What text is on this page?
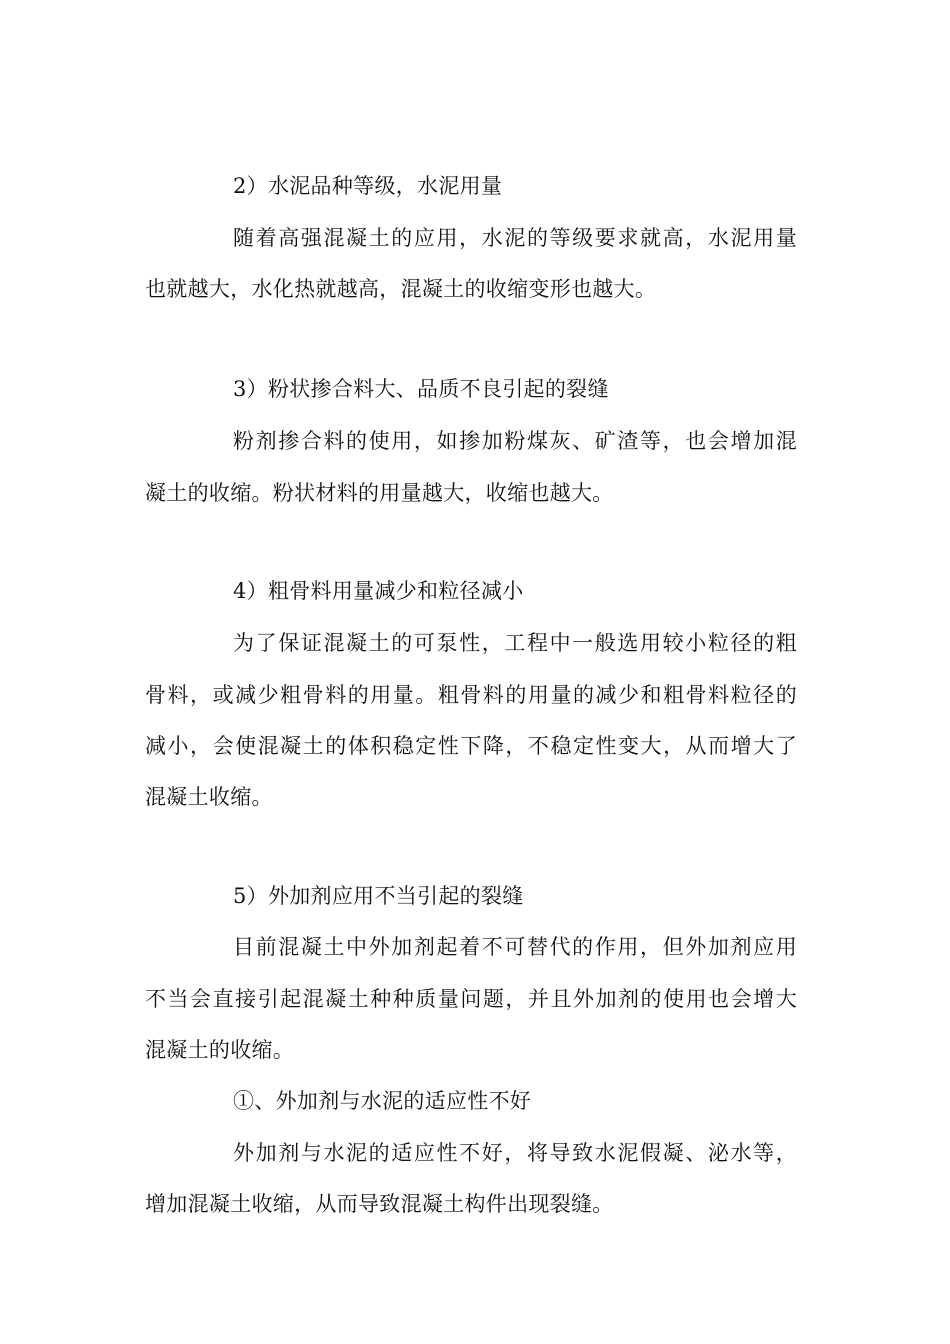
2）水泥品种等级，水泥用量
随着高强混凝土的应用，水泥的等级要求就高，水泥用量
也就越大，水化热就越高，混凝土的收缩变形也越大。
3）粉状掺合料大、品质不良引起的裂缝
粉剂掺合料的使用，如掺加粉煤灰、矿渣等，也会增加混
凝土的收缩。粉状材料的用量越大，收缩也越大。
4）粗骨料用量减少和粒径减小
为了保证混凝土的可泵性，工程中一般选用较小粒径的粗
骨料，或减少粗骨料的用量。粗骨料的用量的减少和粗骨料粒径的
减小，会使混凝土的体积稳定性下降，不稳定性变大，从而增大了
混凝土收缩。
5）外加剂应用不当引起的裂缝
目前混凝土中外加剂起着不可替代的作用，但外加剂应用
不当会直接引起混凝土种种质量问题，并且外加剂的使用也会增大
混凝土的收缩。
①、外加剂与水泥的适应性不好
外加剂与水泥的适应性不好，将导致水泥假凝、泌水等，
增加混凝土收缩，从而导致混凝土构件出现裂缝。
